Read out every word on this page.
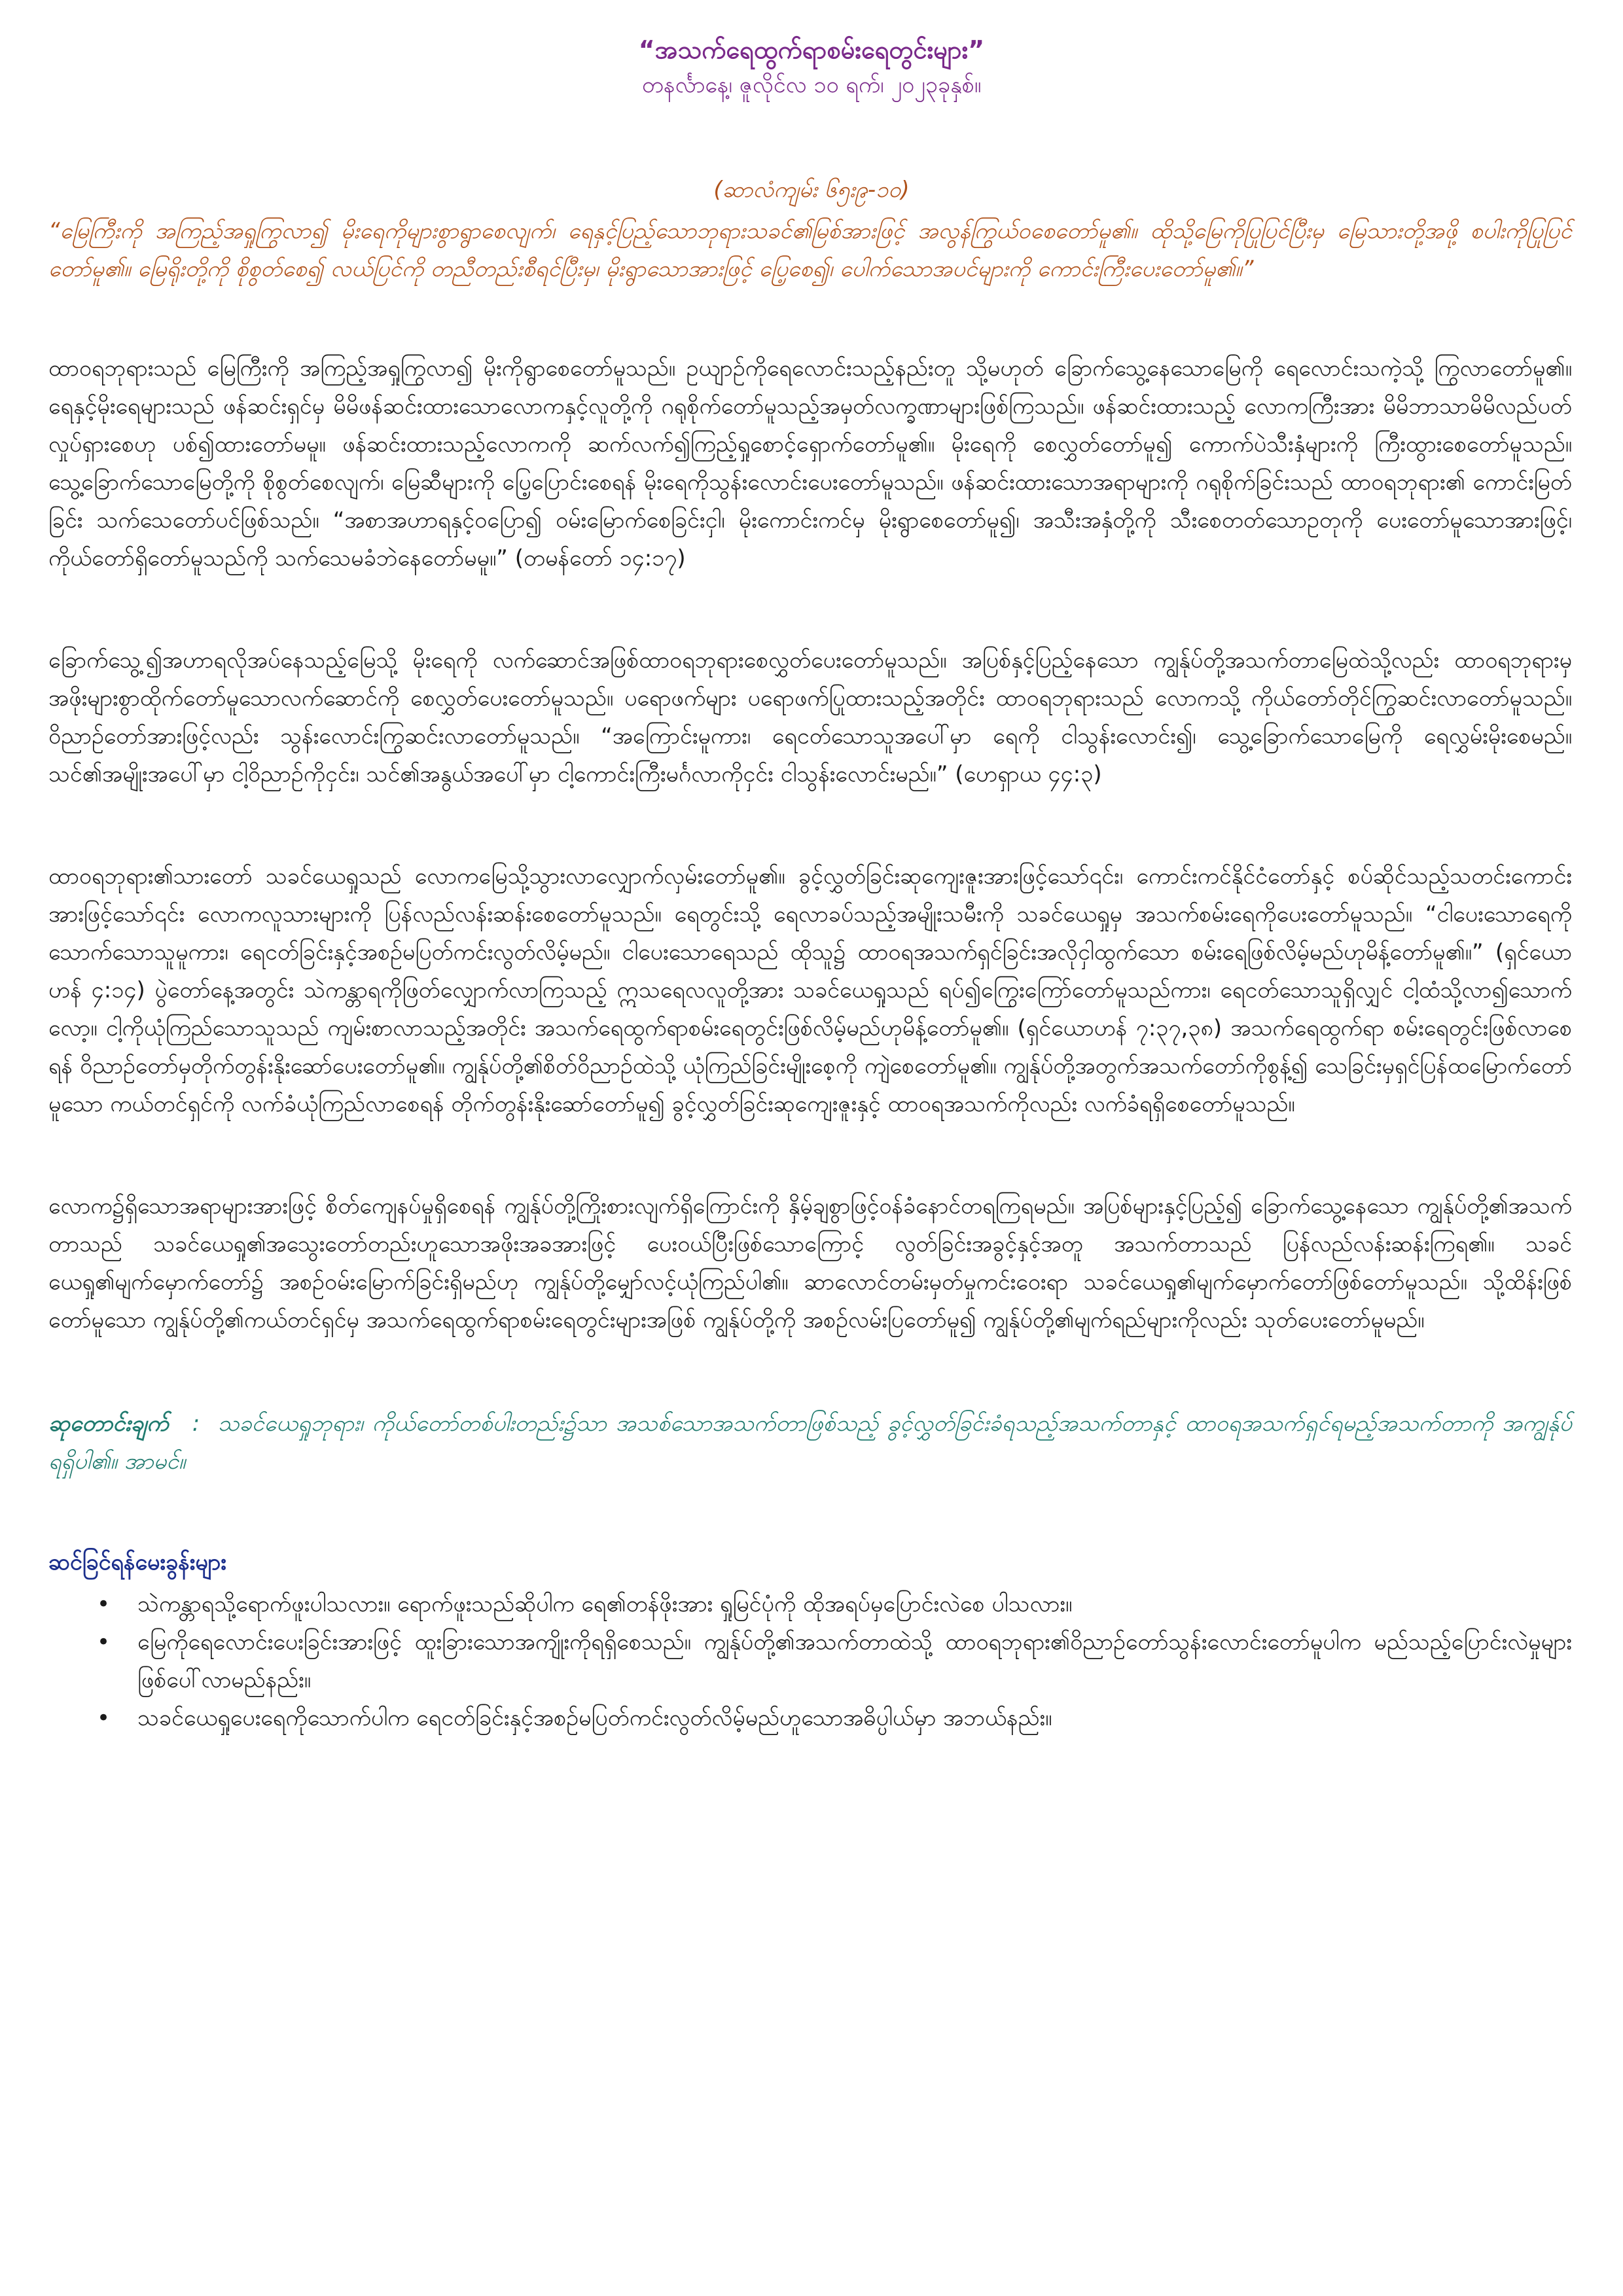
“အသက်ရေထွက်ရာစမ်းရေတွင်းများ”

တနင်္လာနေ့၊ ဇူလိုင်လ ၁၀ ရက်၊ ၂၀၂၃ခုနှစ်။

(ဆာလံကျမ်း ၆၅း၉-၁၀)

“မြေကြီးကို အကြည့်အရှုကြွလာ၍ မိုးရေကိုများစွာရွာစေလျက်၊ ရေနှင့်ပြည့်သောဘုရားသခင်၏မြစ်အားဖြင့် အလွန်ကြွယ်ဝစေတော်မူ၏။ ထိုသို့မြေကိုပြုပြင်ပြီးမှ မြေသားတို့အဖို့ စပါးကိုပြုပြင်တော်မူ၏။ မြေရိုးတို့ကို စိုစွတ်စေ၍ လယ်ပြင်ကို တညီတည်းစီရင်ပြီးမှ၊ မိုးရွာသောအားဖြင့် ပြေ့စေ၍၊ ပေါက်သောအပင်များကို ကောင်းကြီးပေးတော်မူ၏။”

ထာဝရဘုရားသည် မြေကြီးကို အကြည့်အရှုကြွလာ၍ မိုးကိုရွာစေတော်မူသည်။ ဥယျာဉ်ကိုရေလောင်းသည့်နည်းတူ သို့မဟုတ် ခြောက်သွေ့နေသောမြေကို ရေလောင်းသကဲ့သို့ ကြွလာတော်မူ၏။ ရေနှင့်မိုးရေများသည် ဖန်ဆင်းရှင်မှ မိမိဖန်ဆင်းထားသောလောကနှင့်လူတို့ကို ဂရုစိုက်တော်မူသည့်အမှတ်လက္ခဏာများဖြစ်ကြသည်။ ဖန်ဆင်းထားသည့် လောကကြီးအား မိမိဘာသာမိမိလည်ပတ်လှုပ်ရှားစေဟု ပစ်၍ထားတော်မမူ။ ဖန်ဆင်းထားသည့်လောကကို ဆက်လက်၍ကြည့်ရှုစောင့်ရှောက်တော်မူ၏။ မိုးရေကို စေလွှတ်တော်မူ၍ ကောက်ပဲသီးနှံများကို ကြီးထွားစေတော်မူသည်။ သွေ့ခြောက်သောမြေတို့ကို စိုစွတ်စေလျက်၊ မြေဆီများကို ပြေ့ပြောင်းစေရန် မိုးရေကိုသွန်းလောင်းပေးတော်မူသည်။ ဖန်ဆင်းထားသောအရာများကို ဂရုစိုက်ခြင်းသည် ထာဝရဘုရား၏ ကောင်းမြတ်ခြင်း သက်သေတော်ပင်ဖြစ်သည်။ “အစာအဟာရနှင့်ဝပြော၍ ဝမ်းမြောက်စေခြင်းငှါ၊ မိုးကောင်းကင်မှ မိုးရွာစေတော်မူ၍၊ အသီးအနှံတို့ကို သီးစေတတ်သောဥတုကို ပေးတော်မူသောအားဖြင့်၊ ကိုယ်တော်ရှိတော်မူသည်ကို သက်သေမခံဘဲနေတော်မမူ။” (တမန်တော် ၁၄:၁၇)

ခြောက်သွေ့၍အဟာရလိုအပ်နေသည့်မြေသို့ မိုးရေကို လက်ဆောင်အဖြစ်ထာဝရဘုရားစေလွှတ်ပေးတော်မူသည်။ အပြစ်နှင့်ပြည့်နေသော ကျွန်ုပ်တို့အသက်တာမြေထဲသို့လည်း ထာဝရဘုရားမှ အဖိုးများစွာထိုက်တော်မူသောလက်ဆောင်ကို စေလွှတ်ပေးတော်မူသည်။ ပရောဖက်များ ပရောဖက်ပြုထားသည့်အတိုင်း ထာဝရဘုရားသည် လောကသို့ ကိုယ်တော်တိုင်ကြွဆင်းလာတော်မူသည်။ ဝိညာဉ်တော်အားဖြင့်လည်း သွန်းလောင်းကြွဆင်းလာတော်မူသည်။ “အကြောင်းမူကား၊ ရေငတ်သောသူအပေါ်မှာ ရေကို ငါသွန်းလောင်း၍၊ သွေ့ခြောက်သောမြေကို ရေလွှမ်းမိုးစေမည်။ သင်၏အမျိုးအပေါ်မှာ ငါ့ဝိညာဉ်ကိုငှင်း၊ သင်၏အနွယ်အပေါ်မှာ ငါ့ကောင်းကြီးမင်္ဂလာကိုငှင်း ငါသွန်းလောင်းမည်။” (ဟေရှာယ ၄၄:၃)

ထာဝရဘုရား၏သားတော် သခင်ယေရှုသည် လောကမြေသို့သွားလာလျှောက်လှမ်းတော်မူ၏။ ခွင့်လွှတ်ခြင်းဆုကျေးဇူးအားဖြင့်သော်၎င်း၊ ကောင်းကင်နိုင်ငံတော်နှင့် စပ်ဆိုင်သည့်သတင်းကောင်းအားဖြင့်သော်၎င်း လောကလူသားများကို ပြန်လည်လန်းဆန်းစေတော်မူသည်။ ရေတွင်းသို့ ရေလာခပ်သည့်အမျိုးသမီးကို သခင်ယေရှုမှ အသက်စမ်းရေကိုပေးတော်မူသည်။ “ငါပေးသောရေကို သောက်သောသူမူကား၊ ရေငတ်ခြင်းနှင့်အစဉ်မပြတ်ကင်းလွတ်လိမ့်မည်။ ငါပေးသောရေသည် ထိုသူ၌ ထာဝရအသက်ရှင်ခြင်းအလိုငှါထွက်သော စမ်းရေဖြစ်လိမ့်မည်ဟုမိန့်တော်မူ၏။” (ရှင်ယောဟန် ၄:၁၄) ပွဲတော်နေ့အတွင်း သဲကန္တာရကိုဖြတ်လျှောက်လာကြသည့် ဣသရေလလူတို့အား သခင်ယေရှုသည် ရပ်၍ကြွေးကြော်တော်မူသည်ကား၊ ရေငတ်သောသူရှိလျှင် ငါ့ထံသို့လာ၍သောက်လော့။ ငါ့ကိုယုံကြည်သောသူသည် ကျမ်းစာလာသည့်အတိုင်း အသက်ရေထွက်ရာစမ်းရေတွင်းဖြစ်လိမ့်မည်ဟုမိန့်တော်မူ၏။ (ရှင်ယောဟန် ၇:၃၇,၃၈) အသက်ရေထွက်ရာ စမ်းရေတွင်းဖြစ်လာစေရန် ဝိညာဉ်တော်မှတိုက်တွန်းနိုးဆော်ပေးတော်မူ၏။ ကျွန်ုပ်တို့၏စိတ်ဝိညာဉ်ထဲသို့ ယုံကြည်ခြင်းမျိုးစေ့ကို ကျဲစေတော်မူ၏။ ကျွန်ုပ်တို့အတွက်အသက်တော်ကိုစွန့်၍ သေခြင်းမှရှင်ပြန်ထမြောက်တော်မူသော ကယ်တင်ရှင်ကို လက်ခံယုံကြည်လာစေရန် တိုက်တွန်းနိုးဆော်တော်မူ၍ ခွင့်လွှတ်ခြင်းဆုကျေးဇူးနှင့် ထာဝရအသက်ကိုလည်း လက်ခံရရှိစေတော်မူသည်။

လောက၌ရှိသောအရာများအားဖြင့် စိတ်ကျေနပ်မှုရှိစေရန် ကျွန်ုပ်တို့ကြိုးစားလျက်ရှိကြောင်းကို နှိမ့်ချစွာဖြင့်ဝန်ခံနောင်တရကြရမည်။ အပြစ်များနှင့်ပြည့်၍ ခြောက်သွေ့နေသော ကျွန်ုပ်တို့၏အသက်တာသည် သခင်ယေရှု၏အသွေးတော်တည်းဟူသောအဖိုးအခအားဖြင့် ပေးဝယ်ပြီးဖြစ်သောကြောင့် လွတ်ခြင်းအခွင့်နှင့်အတူ အသက်တာသည် ပြန်လည်လန်းဆန်းကြရ၏။ သခင်ယေရှု၏မျက်မှောက်တော်၌ အစဉ်ဝမ်းမြောက်ခြင်းရှိမည်ဟု ကျွန်ုပ်တို့မျှော်လင့်ယုံကြည်ပါ၏။ ဆာလောင်တမ်းမှတ်မှုကင်းဝေးရာ သခင်ယေရှု၏မျက်မှောက်တော်ဖြစ်တော်မူသည်။ သို့ထိန်းဖြစ်တော်မူသော ကျွန်ုပ်တို့၏ကယ်တင်ရှင်မှ အသက်ရေထွက်ရာစမ်းရေတွင်းများအဖြစ် ကျွန်ုပ်တို့ကို အစဉ်လမ်းပြတော်မူ၍ ကျွန်ုပ်တို့၏မျက်ရည်များကိုလည်း သုတ်ပေးတော်မူမည်။

ဆုတောင်းချက် : သခင်ယေရှုဘုရား၊ ကိုယ်တော်တစ်ပါးတည်း၌သာ အသစ်သောအသက်တာဖြစ်သည့် ခွင့်လွှတ်ခြင်းခံရသည့်အသက်တာနှင့် ထာဝရအသက်ရှင်ရမည့်အသက်တာကို အကျွန်ုပ်ရရှိပါ၏။ အာမင်။

ဆင်ခြင်ရန်မေးခွန်းများ

• သဲကန္တာရသို့ရောက်ဖူးပါသလား။ ရောက်ဖူးသည်ဆိုပါက ရေ၏တန်ဖိုးအား ရှုမြင်ပုံကို ထိုအရပ်မှပြောင်းလဲစေ ပါသလား။
• မြေကိုရေလောင်းပေးခြင်းအားဖြင့် ထူးခြားသောအကျိုးကိုရရှိစေသည်။ ကျွန်ုပ်တို့၏အသက်တာထဲသို့ ထာဝရဘုရား၏ဝိညာဉ်တော်သွန်းလောင်းတော်မူပါက မည်သည့်ပြောင်းလဲမှုများဖြစ်ပေါ်လာမည်နည်း။
• သခင်ယေရှုပေးရေကိုသောက်ပါက ရေငတ်ခြင်းနှင့်အစဉ်မပြတ်ကင်းလွတ်လိမ့်မည်ဟူသောအဓိပ္ပါယ်မှာ အဘယ်နည်း။
